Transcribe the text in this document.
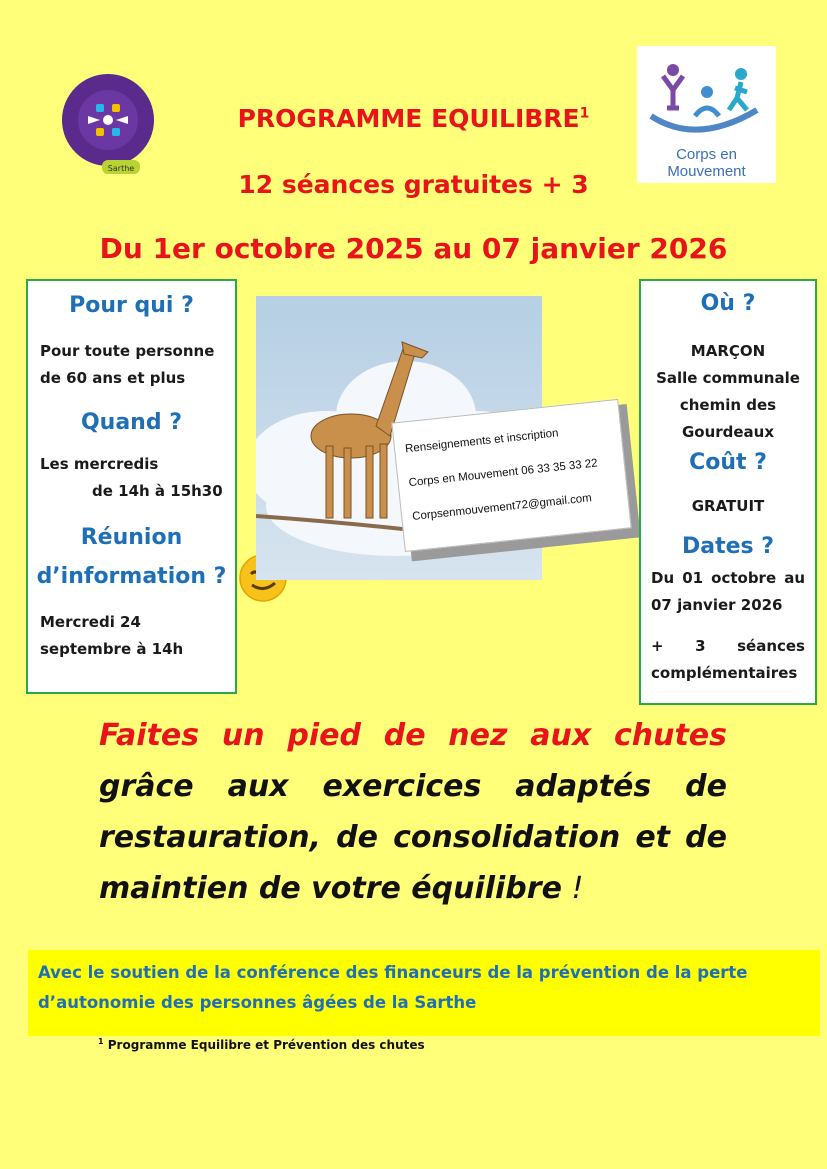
Sarthe
Corps en
Mouvement
PROGRAMME EQUILIBRE$^1$
12 séances gratuites + 3
Du 1er octobre 2025 au 07 janvier 2026
Pour qui ?

Pour toute personne

de 60 ans et plus

Quand ?

Les mercredis

de 14h à 15h30

Réunion
d’information ?

Mercredi 24

septembre à 14h

Renseignements et inscription
Corps en Mouvement 06 33 35 33 22
Corpsenmouvement72@gmail.com
Où ?

MARÇON

Salle communale

chemin des

Gourdeaux

Coût ?

GRATUIT

Dates ?

Du 01 octobre au

07 janvier 2026

+ 3 séances

complémentaires

Faites un pied de nez aux chutes grâce aux exercices adaptés de restauration, de consolidation et de maintien de votre équilibre !

Avec le soutien de la conférence des financeurs de la prévention de la perte
d’autonomie des personnes âgées de la Sarthe

$^1$ Programme Equilibre et Prévention des chutes
